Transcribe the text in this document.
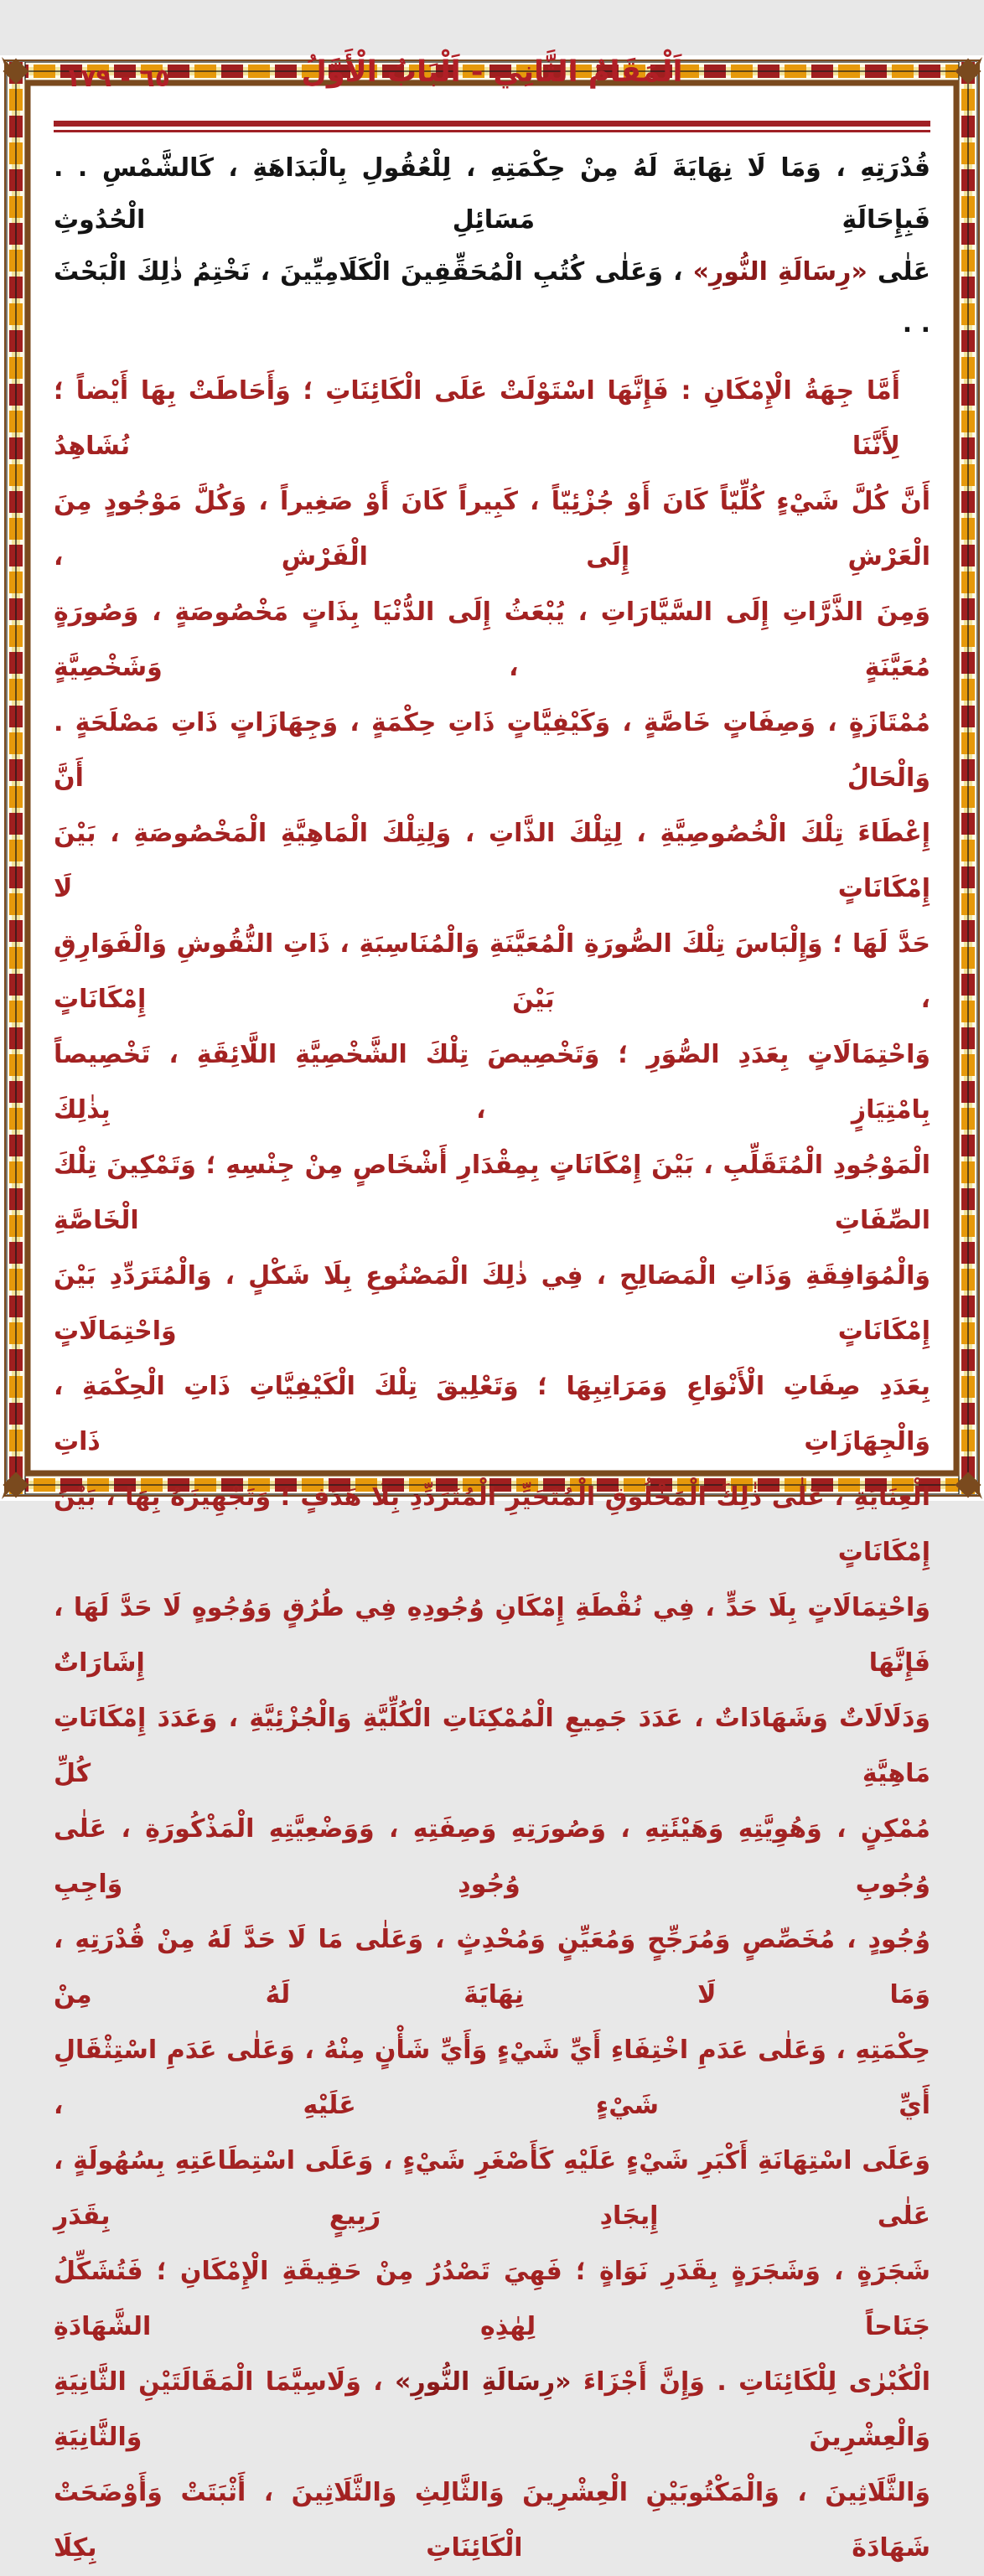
اَلْمَقَامُ الثَّانِي - اَلْبَابُ الْأَوَّلُ
٦٥ - ١٧٩
قُدْرَتِهِ ، وَمَا لَا نِهَايَةَ لَهُ مِنْ حِكْمَتِهِ ، لِلْعُقُولِ بِالْبَدَاهَةِ ، كَالشَّمْسِ . . فَبِإِحَالَةِ مَسَائِلِ الْحُدُوثِ
عَلٰى «رِسَالَةِ النُّورِ» ، وَعَلٰى كُتُبِ الْمُحَقِّقِينَ الْكَلَامِيِّينَ ، نَخْتِمُ ذٰلِكَ الْبَحْثَ . .
أَمَّا جِهَةُ الْإِمْكَانِ : فَإِنَّهَا اسْتَوْلَتْ عَلَى الْكَائِنَاتِ ؛ وَأَحَاطَتْ بِهَا أَيْضاً ؛ لِأَنَّنَا نُشَاهِدُ
أَنَّ كُلَّ شَيْءٍ كُلِّيّاً كَانَ أَوْ جُزْئِيّاً ، كَبِيراً كَانَ أَوْ صَغِيراً ، وَكُلَّ مَوْجُودٍ مِنَ الْعَرْشِ إِلَى الْفَرْشِ ،
وَمِنَ الذَّرَّاتِ إِلَى السَّيَّارَاتِ ، يُبْعَثُ إِلَى الدُّنْيَا بِذَاتٍ مَخْصُوصَةٍ ، وَصُورَةٍ مُعَيَّنَةٍ ، وَشَخْصِيَّةٍ
مُمْتَازَةٍ ، وَصِفَاتٍ خَاصَّةٍ ، وَكَيْفِيَّاتٍ ذَاتِ حِكْمَةٍ ، وَجِهَازَاتٍ ذَاتِ مَصْلَحَةٍ . وَالْحَالُ أَنَّ
إِعْطَاءَ تِلْكَ الْخُصُوصِيَّةِ ، لِتِلْكَ الذَّاتِ ، وَلِتِلْكَ الْمَاهِيَّةِ الْمَخْصُوصَةِ ، بَيْنَ إِمْكَانَاتٍ لَا
حَدَّ لَهَا ؛ وَإِلْبَاسَ تِلْكَ الصُّورَةِ الْمُعَيَّنَةِ وَالْمُنَاسِبَةِ ، ذَاتِ النُّقُوشِ وَالْفَوَارِقِ ، بَيْنَ إِمْكَانَاتٍ
وَاحْتِمَالَاتٍ بِعَدَدِ الصُّوَرِ ؛ وَتَخْصِيصَ تِلْكَ الشَّخْصِيَّةِ اللَّائِقَةِ ، تَخْصِيصاً بِامْتِيَازٍ ، بِذٰلِكَ
الْمَوْجُودِ الْمُتَقَلِّبِ ، بَيْنَ إِمْكَانَاتٍ بِمِقْدَارِ أَشْخَاصٍ مِنْ جِنْسِهِ ؛ وَتَمْكِينَ تِلْكَ الصِّفَاتِ الْخَاصَّةِ
وَالْمُوَافِقَةِ وَذَاتِ الْمَصَالِحِ ، فِي ذٰلِكَ الْمَصْنُوعِ بِلَا شَكْلٍ ، وَالْمُتَرَدِّدِ بَيْنَ إِمْكَانَاتٍ وَاحْتِمَالَاتٍ
بِعَدَدِ صِفَاتِ الْأَنْوَاعِ وَمَرَاتِبِهَا ؛ وَتَعْلِيقَ تِلْكَ الْكَيْفِيَّاتِ ذَاتِ الْحِكْمَةِ ، وَالْجِهَازَاتِ ذَاتِ
الْعِنَايَةِ ، عَلٰى ذٰلِكَ الْمَخْلُوقِ الْمُتَحَيِّرِ الْمُتَرَدِّدِ بِلَا هَدَفٍ ؛ وَتَجْهِيزَهُ بِهَا ، بَيْنَ إِمْكَانَاتٍ
وَاحْتِمَالَاتٍ بِلَا حَدٍّ ، فِي نُقْطَةِ إِمْكَانِ وُجُودِهِ فِي طُرُقٍ وَوُجُوهٍ لَا حَدَّ لَهَا ، فَإِنَّهَا إِشَارَاتٌ
وَدَلَالَاتٌ وَشَهَادَاتٌ ، عَدَدَ جَمِيعِ الْمُمْكِنَاتِ الْكُلِّيَّةِ وَالْجُزْئِيَّةِ ، وَعَدَدَ إِمْكَانَاتِ مَاهِيَّةِ كُلِّ
مُمْكِنٍ ، وَهُوِيَّتِهِ وَهَيْئَتِهِ ، وَصُورَتِهِ وَصِفَتِهِ ، وَوَضْعِيَّتِهِ الْمَذْكُورَةِ ، عَلٰى وُجُوبِ وُجُودِ وَاجِبِ
وُجُودٍ ، مُخَصِّصٍ وَمُرَجِّحٍ وَمُعَيِّنٍ وَمُحْدِثٍ ، وَعَلٰى مَا لَا حَدَّ لَهُ مِنْ قُدْرَتِهِ ، وَمَا لَا نِهَايَةَ لَهُ مِنْ
حِكْمَتِهِ ، وَعَلٰى عَدَمِ اخْتِفَاءِ أَيِّ شَيْءٍ وَأَيِّ شَأْنٍ مِنْهُ ، وَعَلٰى عَدَمِ اسْتِثْقَالِ أَيِّ شَيْءٍ عَلَيْهِ ،
وَعَلَى اسْتِهَانَةِ أَكْبَرِ شَيْءٍ عَلَيْهِ كَأَصْغَرِ شَيْءٍ ، وَعَلَى اسْتِطَاعَتِهِ بِسُهُولَةٍ ، عَلٰى إِيجَادِ رَبِيعٍ بِقَدَرِ
شَجَرَةٍ ، وَشَجَرَةٍ بِقَدَرِ نَوَاةٍ ؛ فَهِيَ تَصْدُرُ مِنْ حَقِيقَةِ الْإِمْكَانِ ؛ فَتُشَكِّلُ جَنَاحاً لِهٰذِهِ الشَّهَادَةِ
الْكُبْرٰى لِلْكَائِنَاتِ . وَإِنَّ أَجْزَاءَ «رِسَالَةِ النُّورِ» ، وَلَاسِيَّمَا الْمَقَالَتَيْنِ الثَّانِيَةِ وَالْعِشْرِينَ وَالثَّانِيَةِ
وَالثَّلَاثِينَ ، وَالْمَكْتُوبَيْنِ الْعِشْرِينَ وَالثَّالِثِ وَالثَّلَاثِينَ ، أَثْبَتَتْ وَأَوْضَحَتْ شَهَادَةَ الْكَائِنَاتِ بِكِلَا
